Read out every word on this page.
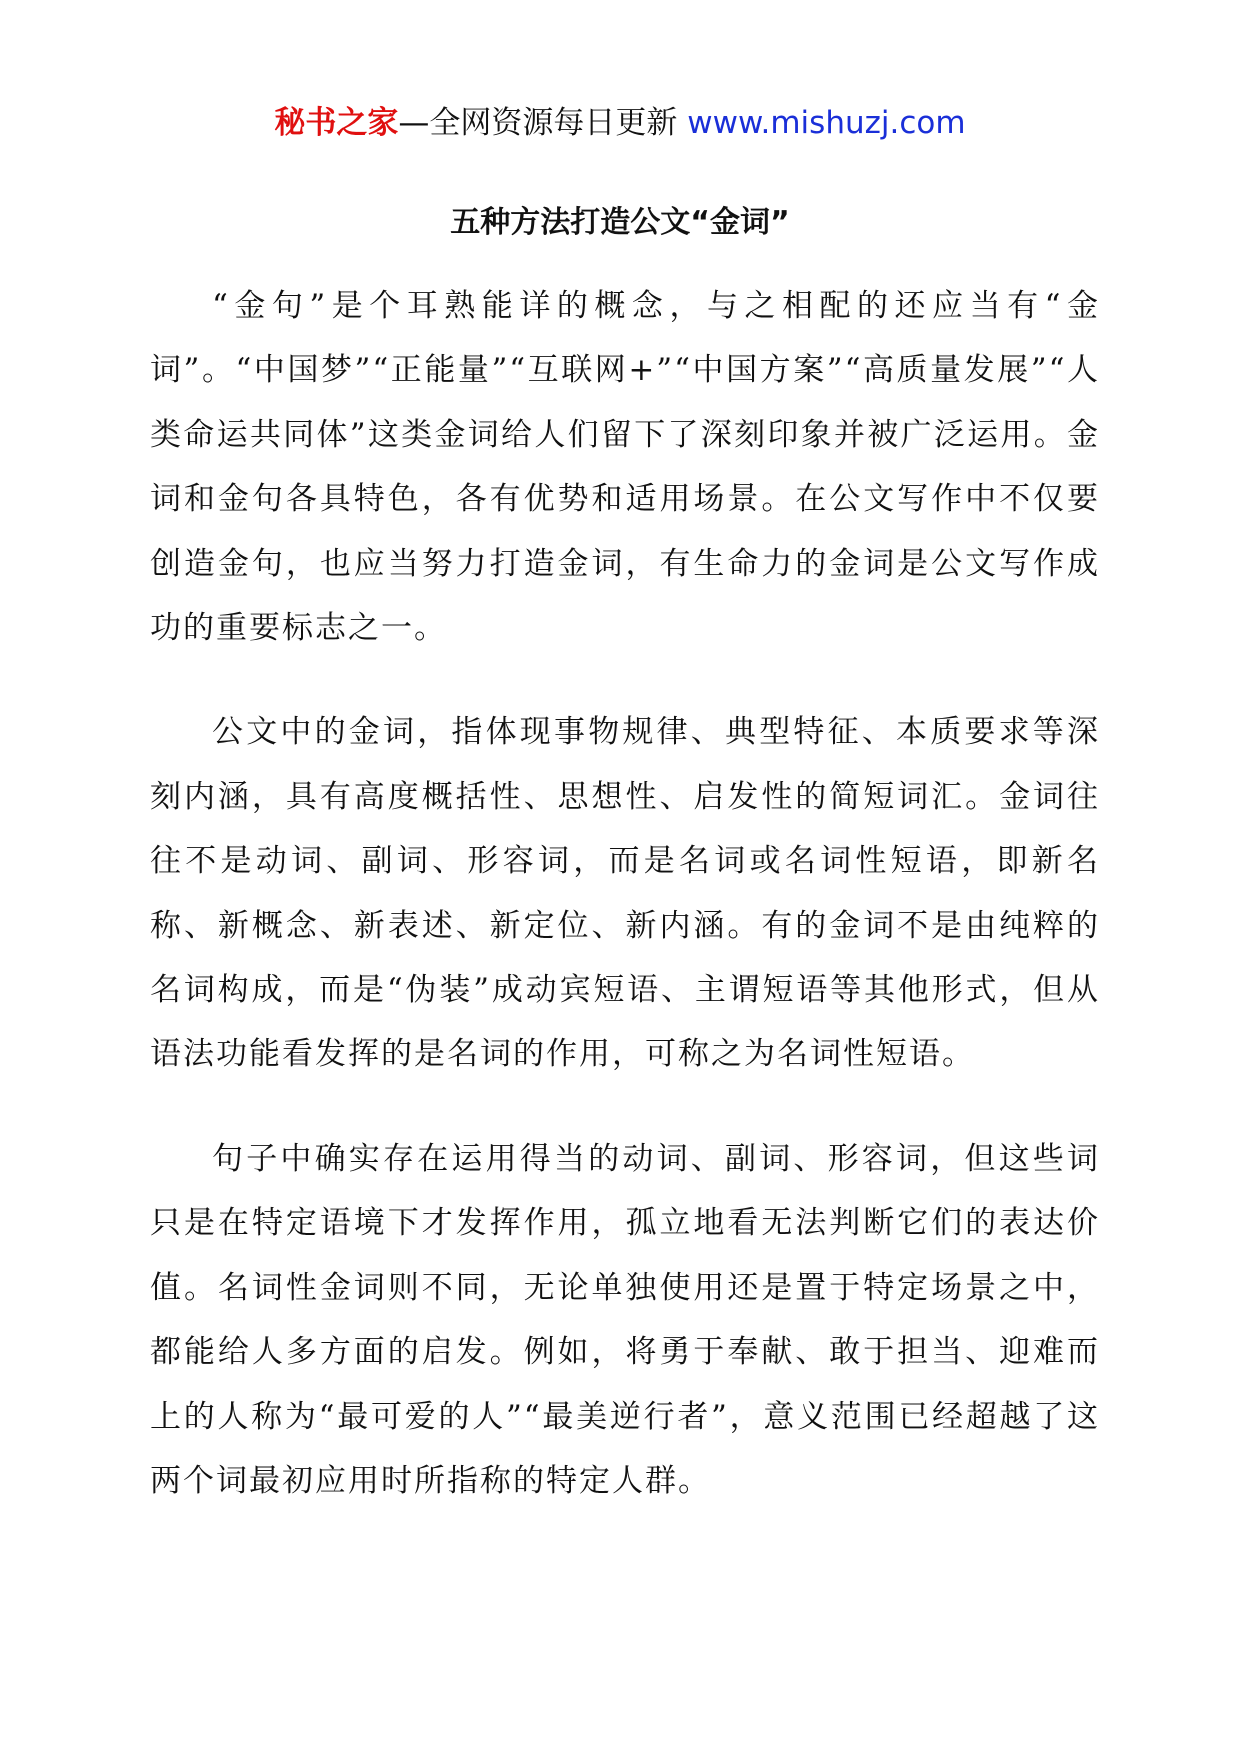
秘书之家—全网资源每日更新 www.mishuzj.com
五种方法打造公文“金词”

“金句”是个耳熟能详的概念，与之相配的还应当有“金词”。“中国梦”“正能量”“互联网+”“中国方案”“高质量发展”“人类命运共同体”这类金词给人们留下了深刻印象并被广泛运用。金词和金句各具特色，各有优势和适用场景。在公文写作中不仅要创造金句，也应当努力打造金词，有生命力的金词是公文写作成功的重要标志之一。

公文中的金词，指体现事物规律、典型特征、本质要求等深刻内涵，具有高度概括性、思想性、启发性的简短词汇。金词往往不是动词、副词、形容词，而是名词或名词性短语，即新名称、新概念、新表述、新定位、新内涵。有的金词不是由纯粹的名词构成，而是“伪装”成动宾短语、主谓短语等其他形式，但从语法功能看发挥的是名词的作用，可称之为名词性短语。

句子中确实存在运用得当的动词、副词、形容词，但这些词只是在特定语境下才发挥作用，孤立地看无法判断它们的表达价值。名词性金词则不同，无论单独使用还是置于特定场景之中，都能给人多方面的启发。例如，将勇于奉献、敢于担当、迎难而上的人称为“最可爱的人”“最美逆行者”，意义范围已经超越了这两个词最初应用时所指称的特定人群。
